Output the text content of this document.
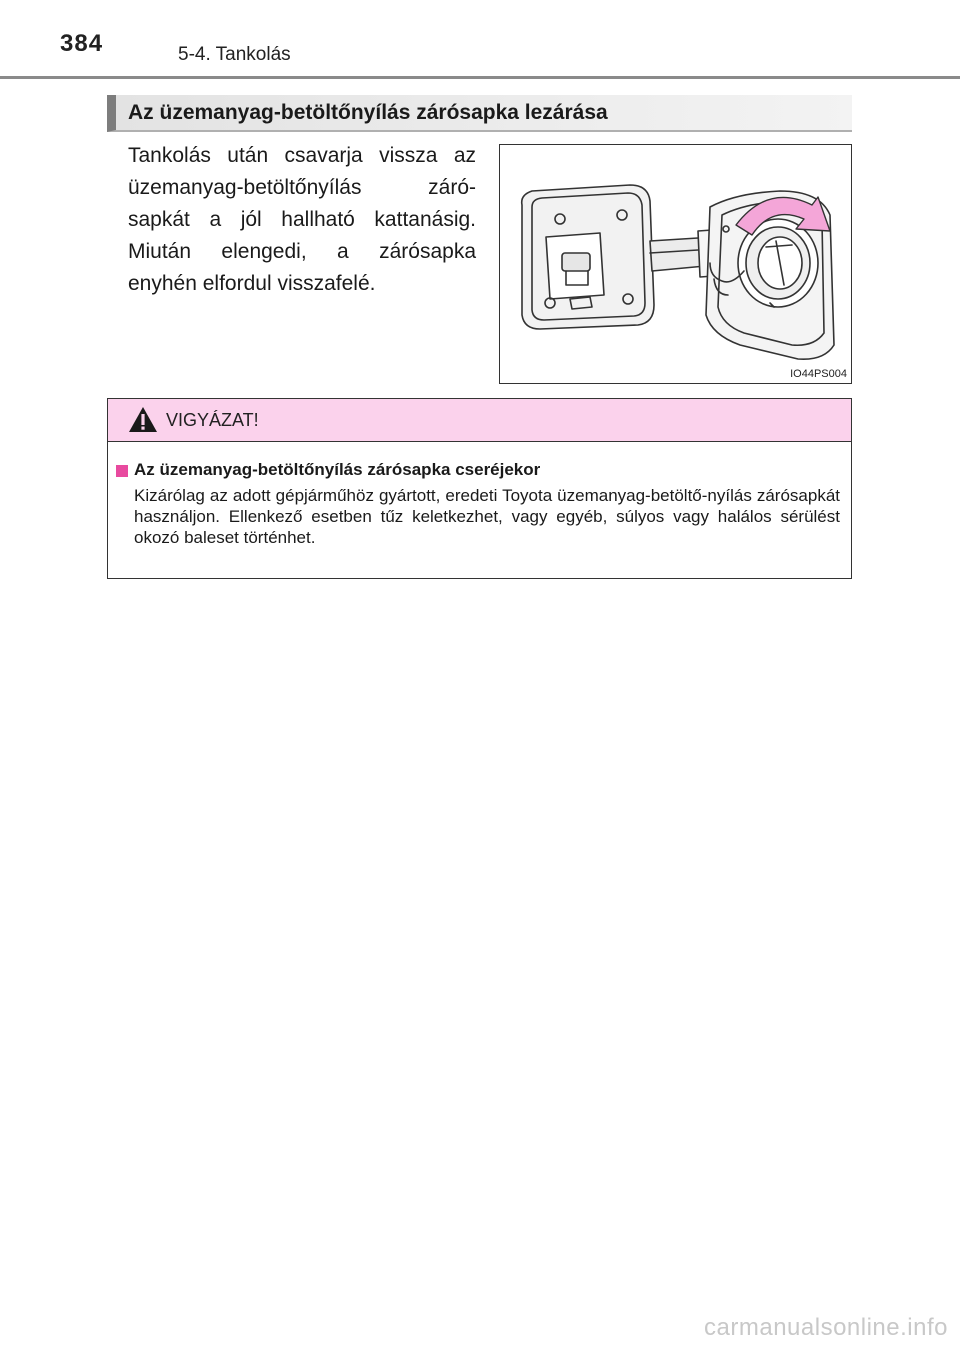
384	5-4. Tankolás
Az üzemanyag-betöltőnyílás zárósapka lezárása
Tankolás után csavarja vissza az üzemanyag-betöltőnyílás záró-sapkát a jól hallható kattanásig. Miután elengedi, a zárósapka enyhén elfordul visszafelé.
IO44PS004
VIGYÁZAT!
Az üzemanyag-betöltőnyílás zárósapka cseréjekor
Kizárólag az adott gépjárműhöz gyártott, eredeti Toyota üzemanyag-betöltő-nyílás zárósapkát használjon. Ellenkező esetben tűz keletkezhet, vagy egyéb, súlyos vagy halálos sérülést okozó baleset történhet.
carmanualsonline.info
